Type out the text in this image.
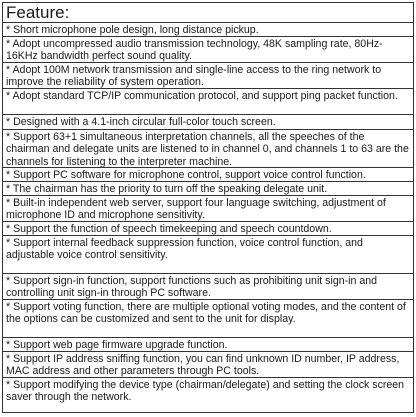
Feature:
* Short microphone pole design, long distance pickup.
* Adopt uncompressed audio transmission technology, 48K sampling rate, 80Hz-16KHz bandwidth perfect sound quality.
* Adopt 100M network transmission and single-line access to the ring network to improve the reliability of system operation.
* Adopt standard TCP/IP communication protocol, and support ping packet function.
* Designed with a 4.1-inch circular full-color touch screen.
* Support 63+1 simultaneous interpretation channels, all the speeches of the chairman and delegate units are listened to in channel 0, and channels 1 to 63 are the channels for listening to the interpreter machine.
* Support PC software for microphone control, support voice control function.
* The chairman has the priority to turn off the speaking delegate unit.
* Built-in independent web server, support four language switching, adjustment of microphone ID and microphone sensitivity.
* Support the function of speech timekeeping and speech countdown.
* Support internal feedback suppression function, voice control function, and adjustable voice control sensitivity.
* Support sign-in function, support functions such as prohibiting unit sign-in and controlling unit sign-in through PC software.
* Support voting function, there are multiple optional voting modes, and the content of the options can be customized and sent to the unit for display.
* Support web page firmware upgrade function.
* Support IP address sniffing function, you can find unknown ID number, IP address, MAC address and other parameters through PC tools.
* Support modifying the device type (chairman/delegate) and setting the clock screen saver through the network.
